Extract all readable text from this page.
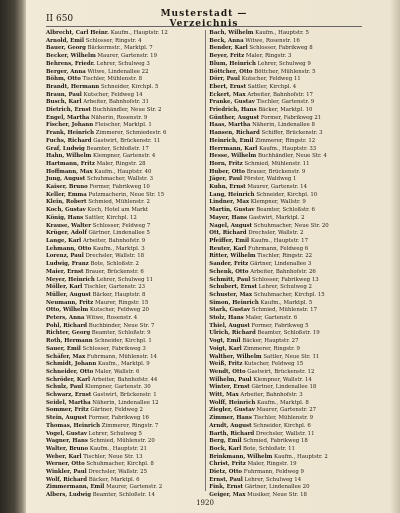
II 650	Musterstadt — Verzeichnis
Albrecht, Carl Heinr. Kaufm., Hauptstr. 12
Arnold, Emil Schlosser, Ringstr. 4
Bauer, Georg Bäckermstr., Marktpl. 7
Becker, Wilhelm Maurer, Gartenstr. 19
Behrens, Friedr. Lehrer, Schulweg 3
Berger, Anna Witwe, Lindenallee 22
Böhm, Otto Tischler, Mühlenstr. 8
Brandt, Hermann Schneider, Kirchpl. 5
Braun, Paul Kutscher, Feldweg 14
Busch, Karl Arbeiter, Bahnhofstr. 31
Dietrich, Ernst Buchhändler, Neue Str. 2
Engel, Martha Näherin, Rosenstr. 9
Fischer, Johann Fleischer, Marktpl. 1
Frank, Heinrich Zimmerer, Schmiedestr. 6
Fuchs, Richard Gastwirt, Brückenstr. 11
Graf, Ludwig Beamter, Schloßstr. 17
Hahn, Wilhelm Klempner, Gartenstr. 4
Hartmann, Fritz Maler, Ringstr. 28
Hoffmann, Max Kaufm., Hauptstr. 40
Jung, August Schuhmacher, Wallstr. 3
Kaiser, Bruno Former, Fabrikweg 10
Keller, Emma Putzmacherin, Neue Str. 15
Klein, Robert Schmied, Mühlenstr. 2
Koch, Gustav Koch, Hotel am Markt
König, Hans Sattler, Kirchpl. 12
Krause, Walter Schlosser, Feldweg 7
Krüger, Adolf Gärtner, Lindenallee 5
Lange, Karl Arbeiter, Bahnhofstr. 9
Lehmann, Otto Kaufm., Marktpl. 3
Lorenz, Paul Drechsler, Wallstr. 18
Ludwig, Franz Bote, Schloßstr. 2
Maier, Ernst Brauer, Brückenstr. 6
Meyer, Heinrich Lehrer, Schulweg 11
Möller, Karl Tischler, Gartenstr. 23
Müller, August Bäcker, Hauptstr. 8
Neumann, Fritz Maurer, Ringstr. 15
Otto, Wilhelm Kutscher, Feldweg 20
Peters, Anna Witwe, Rosenstr. 4
Pohl, Richard Buchbinder, Neue Str. 7
Richter, Georg Beamter, Schloßstr. 9
Roth, Hermann Schneider, Kirchpl. 1
Sauer, Emil Schlosser, Fabrikweg 3
Schäfer, Max Fuhrmann, Mühlenstr. 14
Schmidt, Johann Kaufm., Marktpl. 9
Schneider, Otto Maler, Wallstr. 6
Schröder, Karl Arbeiter, Bahnhofstr. 44
Schulz, Paul Klempner, Gartenstr. 30
Schwarz, Ernst Gastwirt, Brückenstr. 1
Seidel, Martha Näherin, Lindenallee 12
Sommer, Fritz Gärtner, Feldweg 2
Stein, August Former, Fabrikweg 16
Thomas, Heinrich Zimmerer, Ringstr. 7
Vogel, Gustav Lehrer, Schulweg 5
Wagner, Hans Schmied, Mühlenstr. 20
Walter, Bruno Kaufm., Hauptstr. 21
Weber, Karl Tischler, Neue Str. 13
Werner, Otto Schuhmacher, Kirchpl. 8
Winkler, Paul Drechsler, Wallstr. 25
Wolf, Richard Bäcker, Marktpl. 6
Zimmermann, Emil Maurer, Gartenstr. 2
Albers, Ludwig Beamter, Schloßstr. 14
Bach, Wilhelm Kaufm., Hauptstr. 5
Beck, Anna Witwe, Rosenstr. 16
Bender, Karl Schlosser, Fabrikweg 8
Beyer, Fritz Maler, Ringstr. 3
Blum, Heinrich Lehrer, Schulweg 9
Böttcher, Otto Böttcher, Mühlenstr. 5
Dörr, Paul Kutscher, Feldweg 11
Ebert, Ernst Sattler, Kirchpl. 4
Eckert, Max Arbeiter, Bahnhofstr. 17
Franke, Gustav Tischler, Gartenstr. 9
Friedrich, Hans Bäcker, Marktpl. 10
Günther, August Former, Fabrikweg 21
Haas, Martha Näherin, Lindenallee 8
Hansen, Richard Schiffer, Brückenstr. 3
Heinrich, Emil Zimmerer, Ringstr. 12
Herrmann, Karl Kaufm., Hauptstr. 33
Hesse, Wilhelm Buchhändler, Neue Str. 4
Horn, Fritz Schmied, Mühlenstr. 11
Huber, Otto Brauer, Brückenstr. 9
Jäger, Paul Förster, Waldweg 1
Kuhn, Ernst Maurer, Gartenstr. 14
Lang, Heinrich Schneider, Kirchpl. 10
Lindner, Max Klempner, Wallstr. 9
Martin, Gustav Beamter, Schloßstr. 6
Mayer, Hans Gastwirt, Marktpl. 2
Nagel, August Schuhmacher, Neue Str. 20
Ott, Richard Drechsler, Wallstr. 2
Pfeiffer, Emil Kaufm., Hauptstr. 17
Reuter, Karl Fuhrmann, Feldweg 6
Ritter, Wilhelm Tischler, Ringstr. 22
Sander, Fritz Gärtner, Lindenallee 3
Schenk, Otto Arbeiter, Bahnhofstr. 26
Schmitt, Paul Schlosser, Fabrikweg 13
Schubert, Ernst Lehrer, Schulweg 2
Schuster, Max Schuhmacher, Kirchpl. 15
Simon, Heinrich Kaufm., Marktpl. 5
Stark, Gustav Schmied, Mühlenstr. 17
Stolz, Hans Maler, Gartenstr. 6
Thiel, August Former, Fabrikweg 5
Ulrich, Richard Beamter, Schloßstr. 19
Vogt, Emil Bäcker, Hauptstr. 27
Voigt, Karl Zimmerer, Ringstr. 9
Walther, Wilhelm Sattler, Neue Str. 11
Weiß, Fritz Kutscher, Feldweg 15
Wendt, Otto Gastwirt, Brückenstr. 12
Wilhelm, Paul Klempner, Wallstr. 14
Winter, Ernst Gärtner, Lindenallee 18
Witt, Max Arbeiter, Bahnhofstr. 3
Wolff, Heinrich Kaufm., Marktpl. 8
Ziegler, Gustav Maurer, Gartenstr. 27
Zimmer, Hans Tischler, Mühlenstr. 9
Arndt, August Schneider, Kirchpl. 6
Barth, Richard Drechsler, Wallstr. 11
Berg, Emil Schmied, Fabrikweg 18
Bock, Karl Bote, Schloßstr. 11
Brinkmann, Wilhelm Kaufm., Hauptstr. 2
Christ, Fritz Maler, Ringstr. 19
Dietz, Otto Fuhrmann, Feldweg 9
Ernst, Paul Lehrer, Schulweg 14
Fink, Ernst Gärtner, Lindenallee 20
Geiger, Max Musiker, Neue Str. 18
1920
